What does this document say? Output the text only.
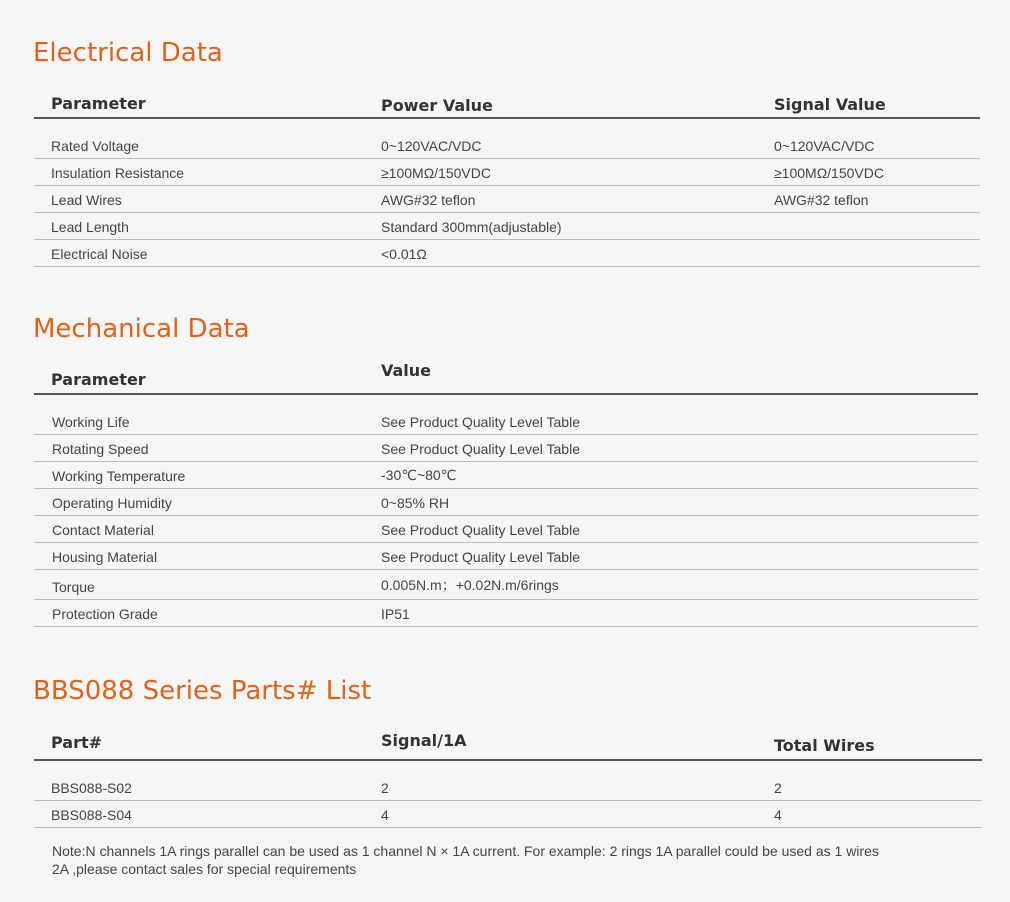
Electrical Data
Parameter	Power Value	Signal Value
Rated Voltage	0~120VAC/VDC	0~120VAC/VDC
Insulation Resistance	≥100MΩ/150VDC	≥100MΩ/150VDC
Lead Wires	AWG#32 teflon	AWG#32 teflon
Lead Length	Standard 300mm(adjustable)
Electrical Noise	<0.01Ω
Mechanical Data
Parameter	Value
Working Life	See Product Quality Level Table
Rotating Speed	See Product Quality Level Table
Working Temperature	-30℃~80℃
Operating Humidity	0~85% RH
Contact Material	See Product Quality Level Table
Housing Material	See Product Quality Level Table
Torque	0.005N.m；+0.02N.m/6rings
Protection Grade	IP51
BBS088 Series Parts# List
Part#	Signal/1A	Total Wires
BBS088-S02	2	2
BBS088-S04	4	4
Note:N channels 1A rings parallel can be used as 1 channel N × 1A current. For example: 2 rings 1A parallel could be used as 1 wires
2A ,please contact sales for special requirements
